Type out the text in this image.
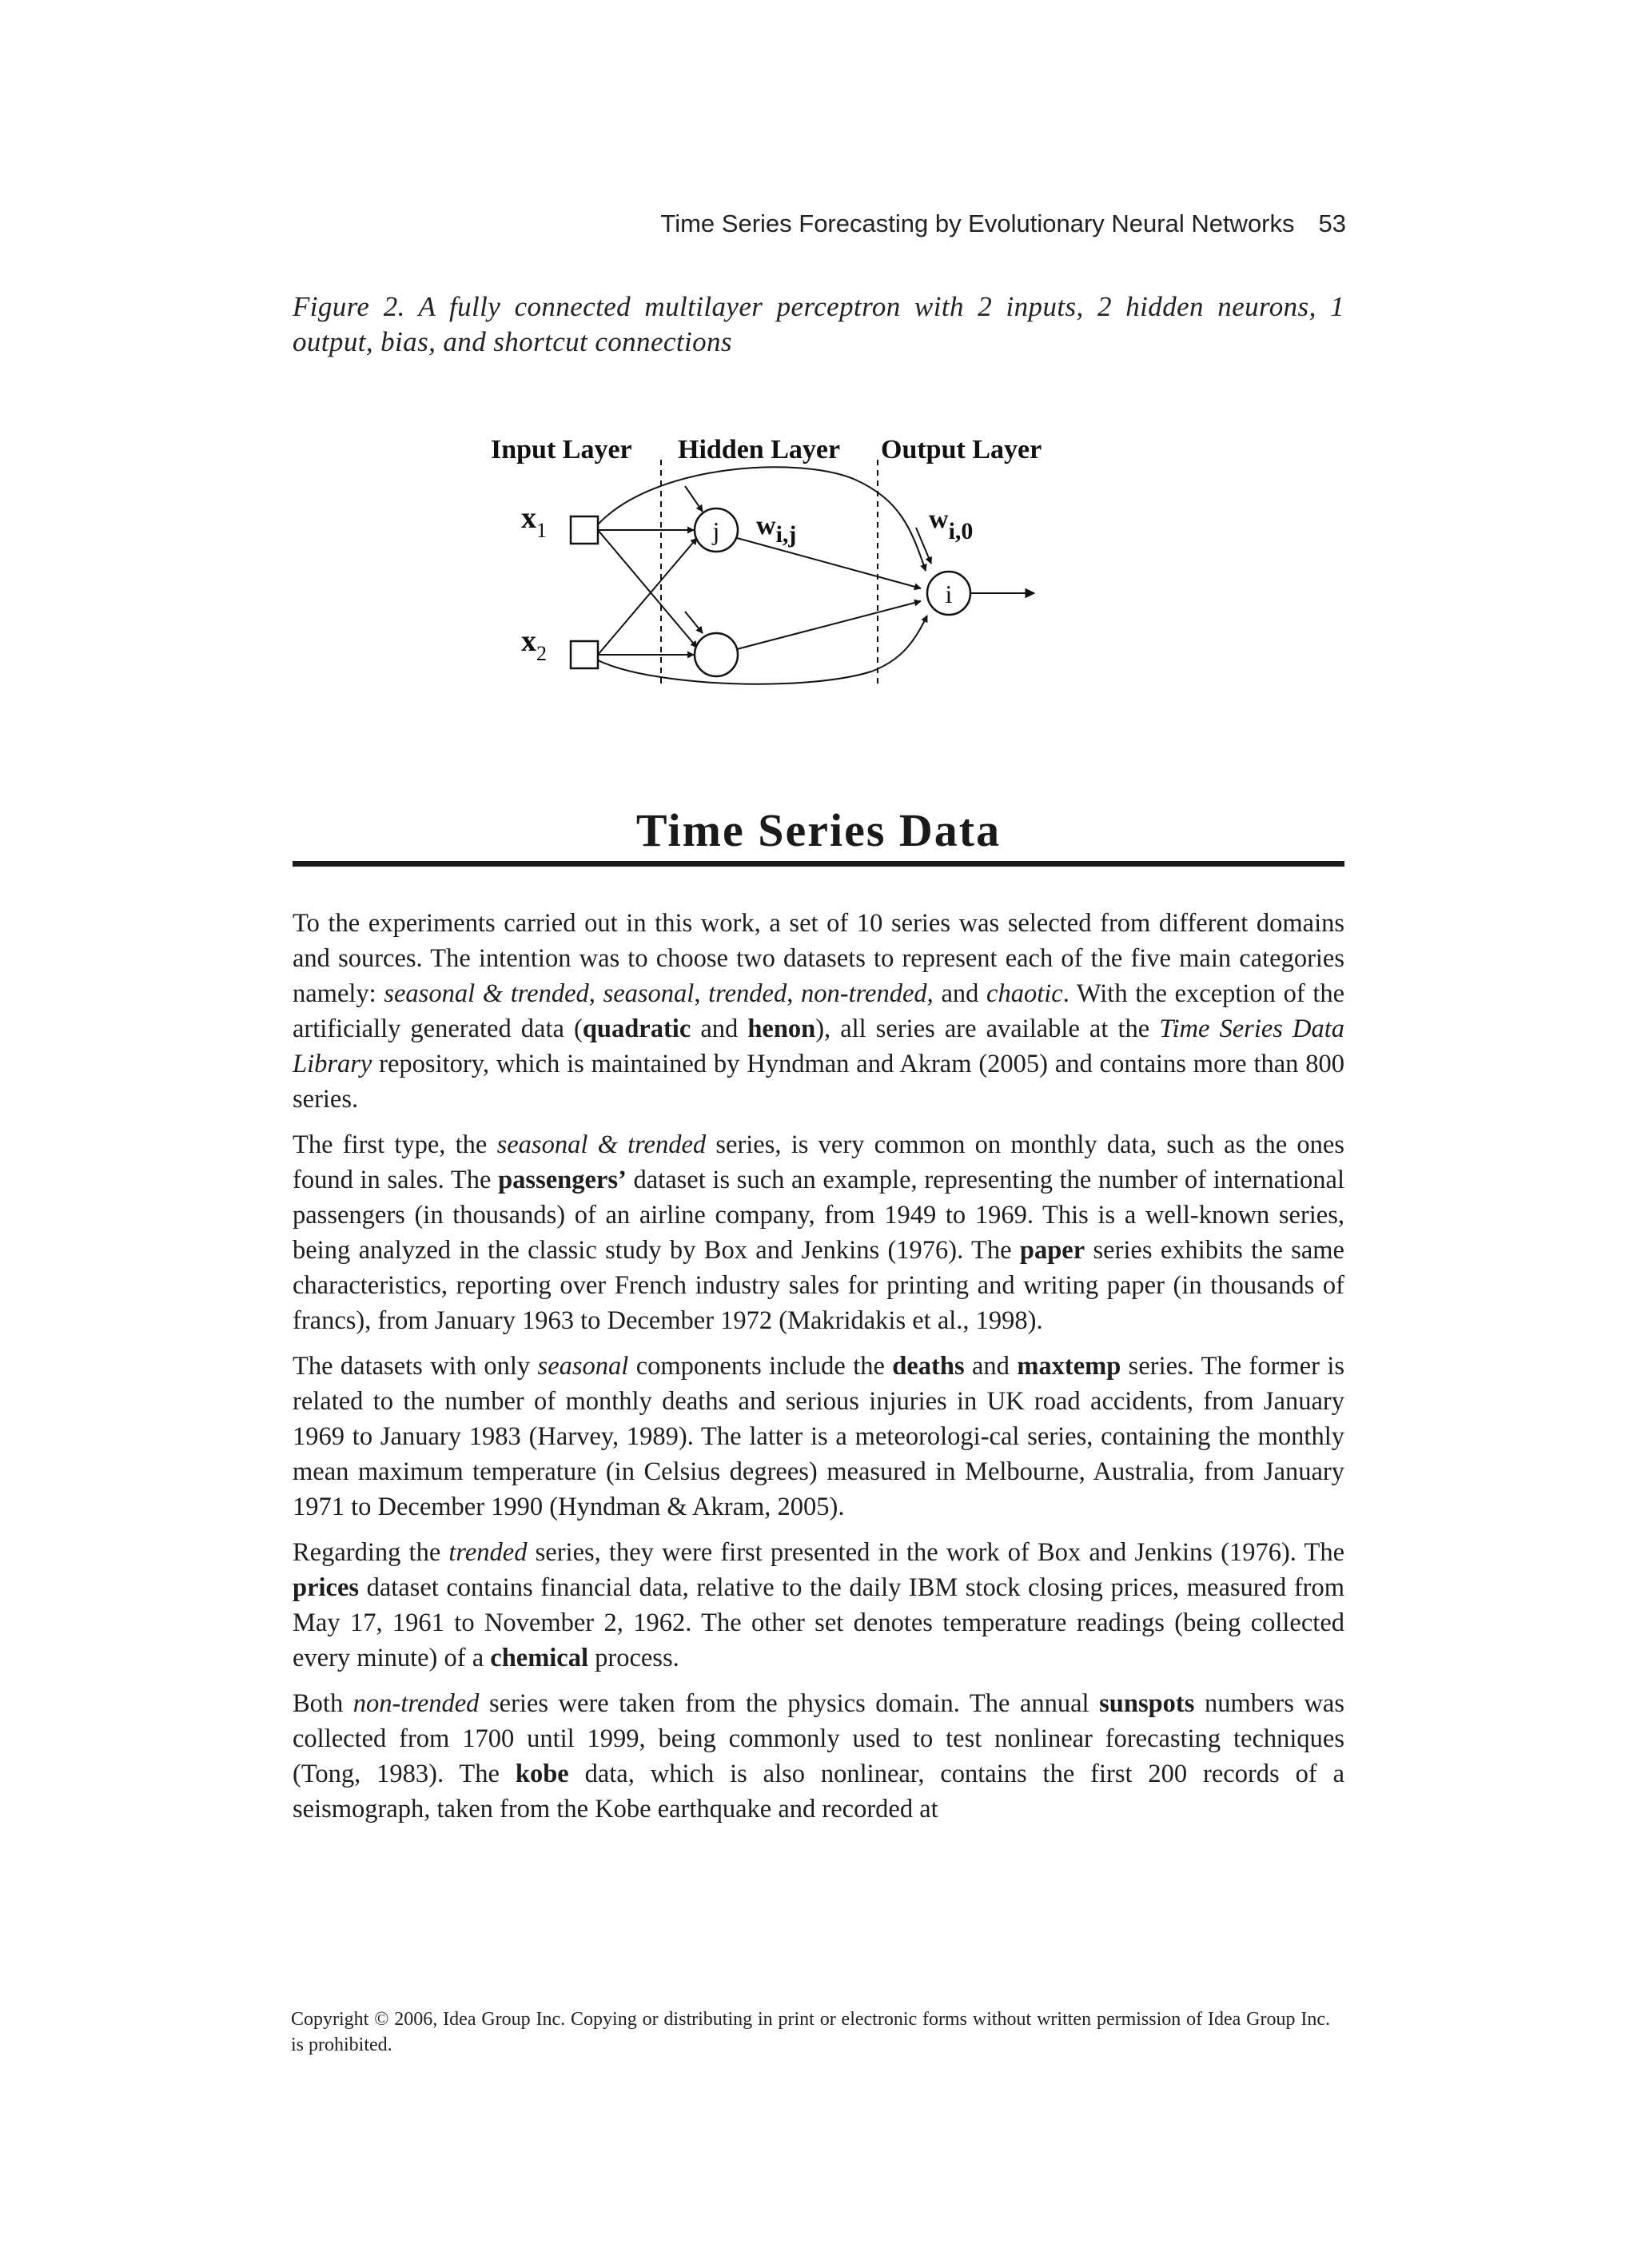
Time Series Forecasting by Evolutionary Neural Networks 53
Figure 2. A fully connected multilayer perceptron with 2 inputs, 2 hidden neurons, 1 output, bias, and shortcut connections
Input Layer Hidden Layer Output Layer
$x_1$
$x_2$
j
i
wi,j
wi,0
Time Series Data

To the experiments carried out in this work, a set of 10 series was selected from different domains and sources. The intention was to choose two datasets to represent each of the five main categories namely: seasonal & trended, seasonal, trended, non-trended, and chaotic. With the exception of the artificially generated data (quadratic and henon), all series are available at the Time Series Data Library repository, which is maintained by Hyndman and Akram (2005) and contains more than 800 series.

The first type, the seasonal & trended series, is very common on monthly data, such as the ones found in sales. The passengers’ dataset is such an example, representing the number of international passengers (in thousands) of an airline company, from 1949 to 1969. This is a well-known series, being analyzed in the classic study by Box and Jenkins (1976). The paper series exhibits the same characteristics, reporting over French industry sales for printing and writing paper (in thousands of francs), from January 1963 to December 1972 (Makridakis et al., 1998).

The datasets with only seasonal components include the deaths and maxtemp series. The former is related to the number of monthly deaths and serious injuries in UK road accidents, from January 1969 to January 1983 (Harvey, 1989). The latter is a meteorologi-cal series, containing the monthly mean maximum temperature (in Celsius degrees) measured in Melbourne, Australia, from January 1971 to December 1990 (Hyndman & Akram, 2005).

Regarding the trended series, they were first presented in the work of Box and Jenkins (1976). The prices dataset contains financial data, relative to the daily IBM stock closing prices, measured from May 17, 1961 to November 2, 1962. The other set denotes temperature readings (being collected every minute) of a chemical process.

Both non-trended series were taken from the physics domain. The annual sunspots numbers was collected from 1700 until 1999, being commonly used to test nonlinear forecasting techniques (Tong, 1983). The kobe data, which is also nonlinear, contains the first 200 records of a seismograph, taken from the Kobe earthquake and recorded at

Copyright © 2006, Idea Group Inc. Copying or distributing in print or electronic forms without written permission of Idea Group Inc. is prohibited.
